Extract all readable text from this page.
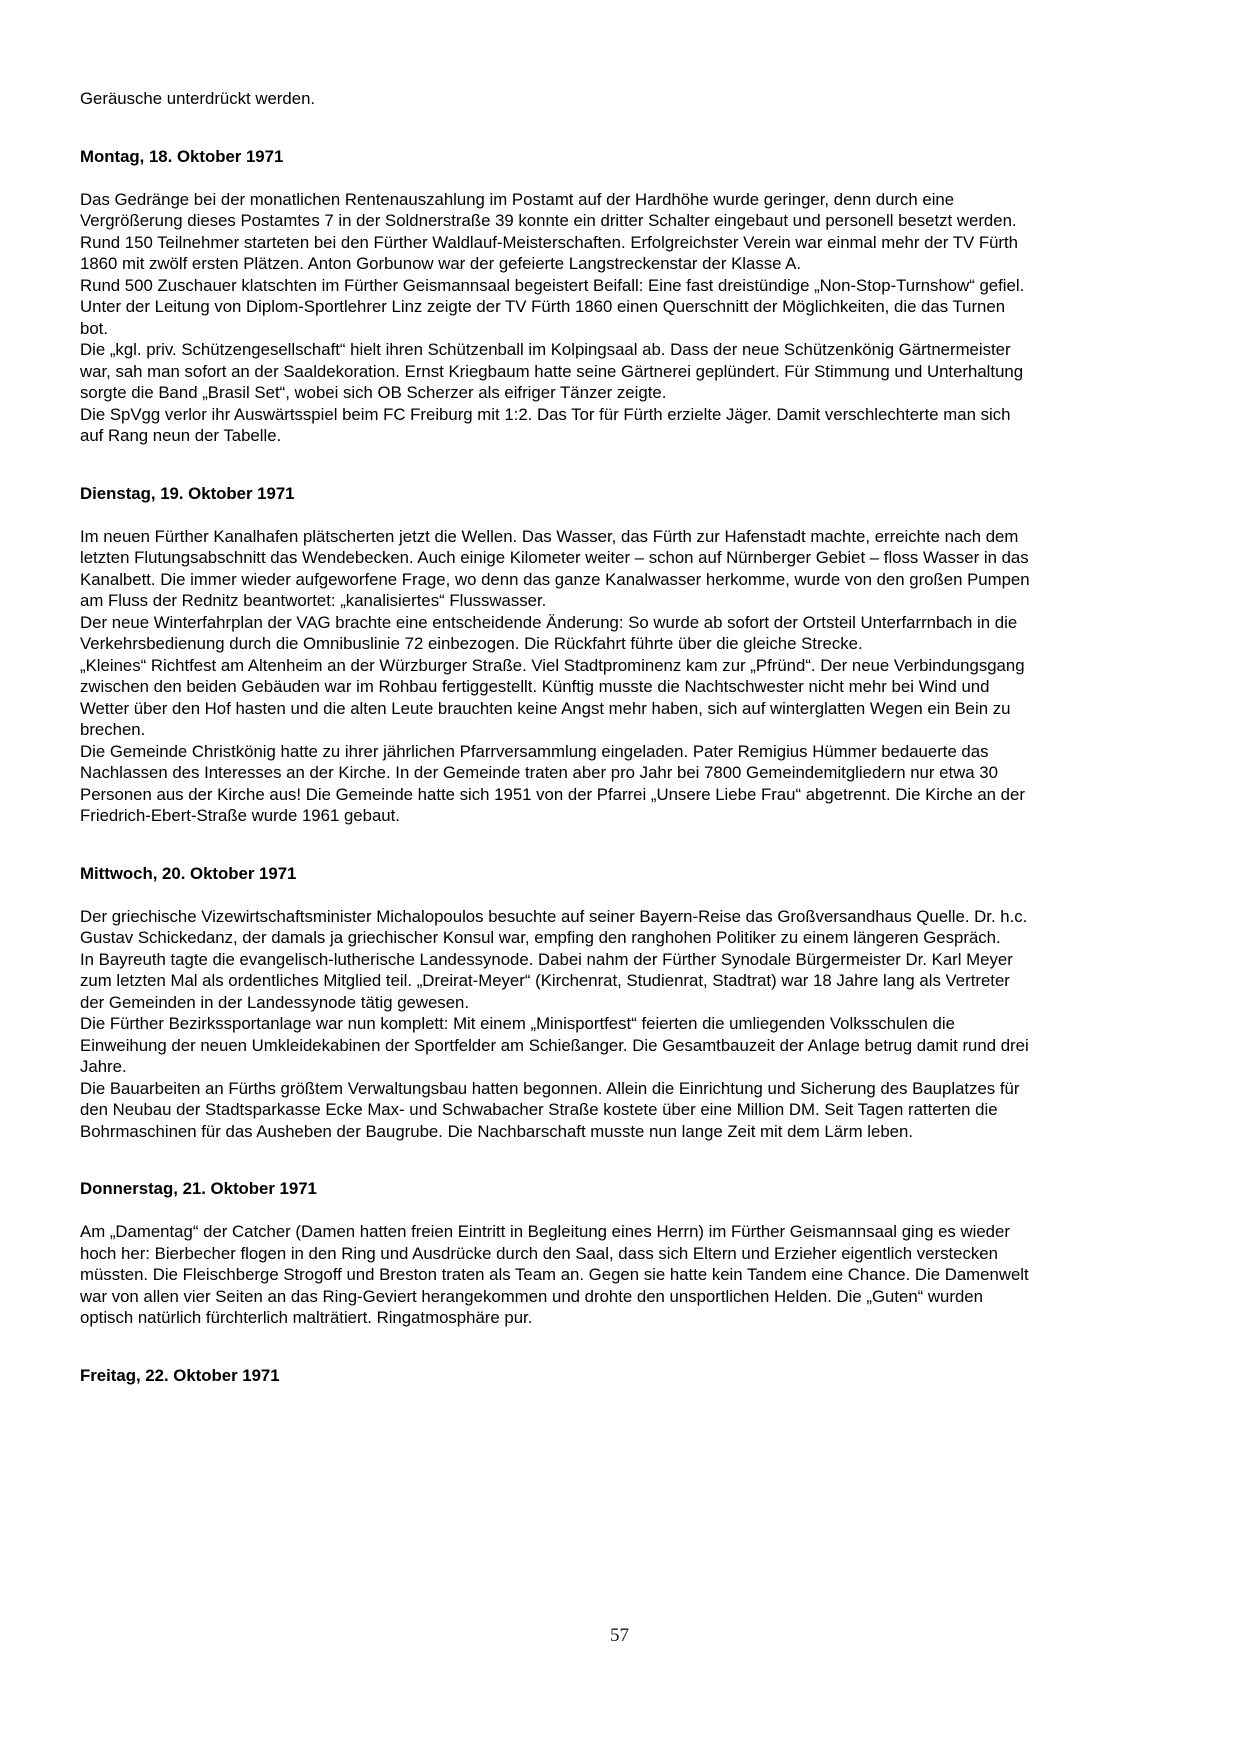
Geräusche unterdrückt werden.

Montag, 18. Oktober 1971

Das Gedränge bei der monatlichen Rentenauszahlung im Postamt auf der Hardhöhe wurde geringer, denn durch eine Vergrößerung dieses Postamtes 7 in der Soldnerstraße 39 konnte ein dritter Schalter eingebaut und personell besetzt werden.

Rund 150 Teilnehmer starteten bei den Fürther Waldlauf-Meisterschaften. Erfolgreichster Verein war einmal mehr der TV Fürth 1860 mit zwölf ersten Plätzen. Anton Gorbunow war der gefeierte Langstreckenstar der Klasse A.

Rund 500 Zuschauer klatschten im Fürther Geismannsaal begeistert Beifall: Eine fast dreistündige „Non-Stop-Turnshow“ gefiel. Unter der Leitung von Diplom-Sportlehrer Linz zeigte der TV Fürth 1860 einen Querschnitt der Möglichkeiten, die das Turnen bot.

Die „kgl. priv. Schützengesellschaft“ hielt ihren Schützenball im Kolpingsaal ab. Dass der neue Schützenkönig Gärtnermeister war, sah man sofort an der Saaldekoration. Ernst Kriegbaum hatte seine Gärtnerei geplündert. Für Stimmung und Unterhaltung sorgte die Band „Brasil Set“, wobei sich OB Scherzer als eifriger Tänzer zeigte.

Die SpVgg verlor ihr Auswärtsspiel beim FC Freiburg mit 1:2. Das Tor für Fürth erzielte Jäger. Damit verschlechterte man sich auf Rang neun der Tabelle.

Dienstag, 19. Oktober 1971

Im neuen Fürther Kanalhafen plätscherten jetzt die Wellen. Das Wasser, das Fürth zur Hafenstadt machte, erreichte nach dem letzten Flutungsabschnitt das Wendebecken. Auch einige Kilometer weiter – schon auf Nürnberger Gebiet – floss Wasser in das Kanalbett. Die immer wieder aufgeworfene Frage, wo denn das ganze Kanalwasser herkomme, wurde von den großen Pumpen am Fluss der Rednitz beantwortet: „kanalisiertes“ Flusswasser.

Der neue Winterfahrplan der VAG brachte eine entscheidende Änderung: So wurde ab sofort der Ortsteil Unterfarrnbach in die Verkehrsbedienung durch die Omnibuslinie 72 einbezogen. Die Rückfahrt führte über die gleiche Strecke.

„Kleines“ Richtfest am Altenheim an der Würzburger Straße. Viel Stadtprominenz kam zur „Pfründ“. Der neue Verbindungsgang zwischen den beiden Gebäuden war im Rohbau fertiggestellt. Künftig musste die Nachtschwester nicht mehr bei Wind und Wetter über den Hof hasten und die alten Leute brauchten keine Angst mehr haben, sich auf winterglatten Wegen ein Bein zu brechen.

Die Gemeinde Christkönig hatte zu ihrer jährlichen Pfarrversammlung eingeladen. Pater Remigius Hümmer bedauerte das Nachlassen des Interesses an der Kirche. In der Gemeinde traten aber pro Jahr bei 7800 Gemeindemitgliedern nur etwa 30 Personen aus der Kirche aus! Die Gemeinde hatte sich 1951 von der Pfarrei „Unsere Liebe Frau“ abgetrennt. Die Kirche an der Friedrich-Ebert-Straße wurde 1961 gebaut.

Mittwoch, 20. Oktober 1971

Der griechische Vizewirtschaftsminister Michalopoulos besuchte auf seiner Bayern-Reise das Großversandhaus Quelle. Dr. h.c. Gustav Schickedanz, der damals ja griechischer Konsul war, empfing den ranghohen Politiker zu einem längeren Gespräch.

In Bayreuth tagte die evangelisch-lutherische Landessynode. Dabei nahm der Fürther Synodale Bürgermeister Dr. Karl Meyer zum letzten Mal als ordentliches Mitglied teil. „Dreirat-Meyer“ (Kirchenrat, Studienrat, Stadtrat) war 18 Jahre lang als Vertreter der Gemeinden in der Landessynode tätig gewesen.

Die Fürther Bezirkssportanlage war nun komplett: Mit einem „Minisportfest“ feierten die umliegenden Volksschulen die Einweihung der neuen Umkleidekabinen der Sportfelder am Schießanger. Die Gesamtbauzeit der Anlage betrug damit rund drei Jahre.

Die Bauarbeiten an Fürths größtem Verwaltungsbau hatten begonnen. Allein die Einrichtung und Sicherung des Bauplatzes für den Neubau der Stadtsparkasse Ecke Max- und Schwabacher Straße kostete über eine Million DM. Seit Tagen ratterten die Bohrmaschinen für das Ausheben der Baugrube. Die Nachbarschaft musste nun lange Zeit mit dem Lärm leben.

Donnerstag, 21. Oktober 1971

Am „Damentag“ der Catcher (Damen hatten freien Eintritt in Begleitung eines Herrn) im Fürther Geismannsaal ging es wieder hoch her: Bierbecher flogen in den Ring und Ausdrücke durch den Saal, dass sich Eltern und Erzieher eigentlich verstecken müssten. Die Fleischberge Strogoff und Breston traten als Team an. Gegen sie hatte kein Tandem eine Chance. Die Damenwelt war von allen vier Seiten an das Ring-Geviert herangekommen und drohte den unsportlichen Helden. Die „Guten“ wurden optisch natürlich fürchterlich malträtiert. Ringatmosphäre pur.

Freitag, 22. Oktober 1971

57
